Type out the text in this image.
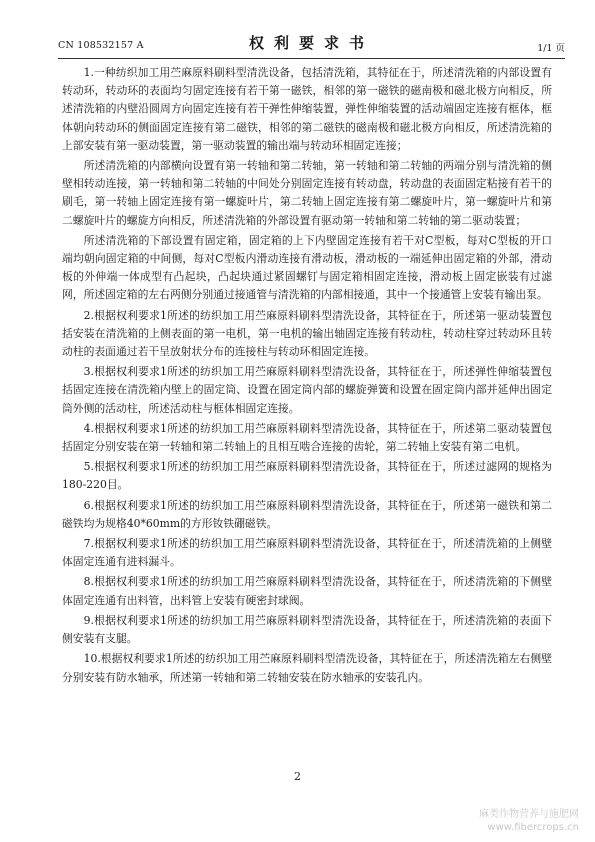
CN 108532157 A	权利要求书	1/1 页

1.一种纺织加工用苎麻原料刷料型清洗设备，包括清洗箱，其特征在于，所述清洗箱的内部设置有转动环，转动环的表面均匀固定连接有若干第一磁铁，相邻的第一磁铁的磁南极和磁北极方向相反，所述清洗箱的内壁沿圆周方向固定连接有若干弹性伸缩装置，弹性伸缩装置的活动端固定连接有框体，框体朝向转动环的侧面固定连接有第二磁铁，相邻的第二磁铁的磁南极和磁北极方向相反，所述清洗箱的上部安装有第一驱动装置，第一驱动装置的输出端与转动环相固定连接；

所述清洗箱的内部横向设置有第一转轴和第二转轴，第一转轴和第二转轴的两端分别与清洗箱的侧壁相转动连接，第一转轴和第二转轴的中间处分别固定连接有转动盘，转动盘的表面固定粘接有若干的刷毛，第一转轴上固定连接有第一螺旋叶片，第二转轴上固定连接有第二螺旋叶片，第一螺旋叶片和第二螺旋叶片的螺旋方向相反，所述清洗箱的外部设置有驱动第一转轴和第二转轴的第二驱动装置；

所述清洗箱的下部设置有固定箱，固定箱的上下内壁固定连接有若干对C型板，每对C型板的开口端均朝向固定箱的中间侧，每对C型板内滑动连接有滑动板，滑动板的一端延伸出固定箱的外部，滑动板的外伸端一体成型有凸起块，凸起块通过紧固螺钉与固定箱相固定连接，滑动板上固定嵌装有过滤网，所述固定箱的左右两侧分别通过接通管与清洗箱的内部相接通，其中一个接通管上安装有输出泵。

2.根据权利要求1所述的纺织加工用苎麻原料刷料型清洗设备，其特征在于，所述第一驱动装置包括安装在清洗箱的上侧表面的第一电机，第一电机的输出轴固定连接有转动柱，转动柱穿过转动环且转动柱的表面通过若干呈放射状分布的连接柱与转动环相固定连接。

3.根据权利要求1所述的纺织加工用苎麻原料刷料型清洗设备，其特征在于，所述弹性伸缩装置包括固定连接在清洗箱内壁上的固定筒、设置在固定筒内部的螺旋弹簧和设置在固定筒内部并延伸出固定筒外侧的活动柱，所述活动柱与框体相固定连接。

4.根据权利要求1所述的纺织加工用苎麻原料刷料型清洗设备，其特征在于，所述第二驱动装置包括固定分别安装在第一转轴和第二转轴上的且相互啮合连接的齿轮，第二转轴上安装有第二电机。

5.根据权利要求1所述的纺织加工用苎麻原料刷料型清洗设备，其特征在于，所述过滤网的规格为180-220目。

6.根据权利要求1所述的纺织加工用苎麻原料刷料型清洗设备，其特征在于，所述第一磁铁和第二磁铁均为规格40*60mm的方形钕铁硼磁铁。

7.根据权利要求1所述的纺织加工用苎麻原料刷料型清洗设备，其特征在于，所述清洗箱的上侧壁体固定连通有进料漏斗。

8.根据权利要求1所述的纺织加工用苎麻原料刷料型清洗设备，其特征在于，所述清洗箱的下侧壁体固定连通有出料管，出料管上安装有硬密封球阀。

9.根据权利要求1所述的纺织加工用苎麻原料刷料型清洗设备，其特征在于，所述清洗箱的表面下侧安装有支腿。

10.根据权利要求1所述的纺织加工用苎麻原料刷料型清洗设备，其特征在于，所述清洗箱左右侧壁分别安装有防水轴承，所述第一转轴和第二转轴安装在防水轴承的安装孔内。

2
麻类作物营养与施肥网
www.fibercrops.cn
